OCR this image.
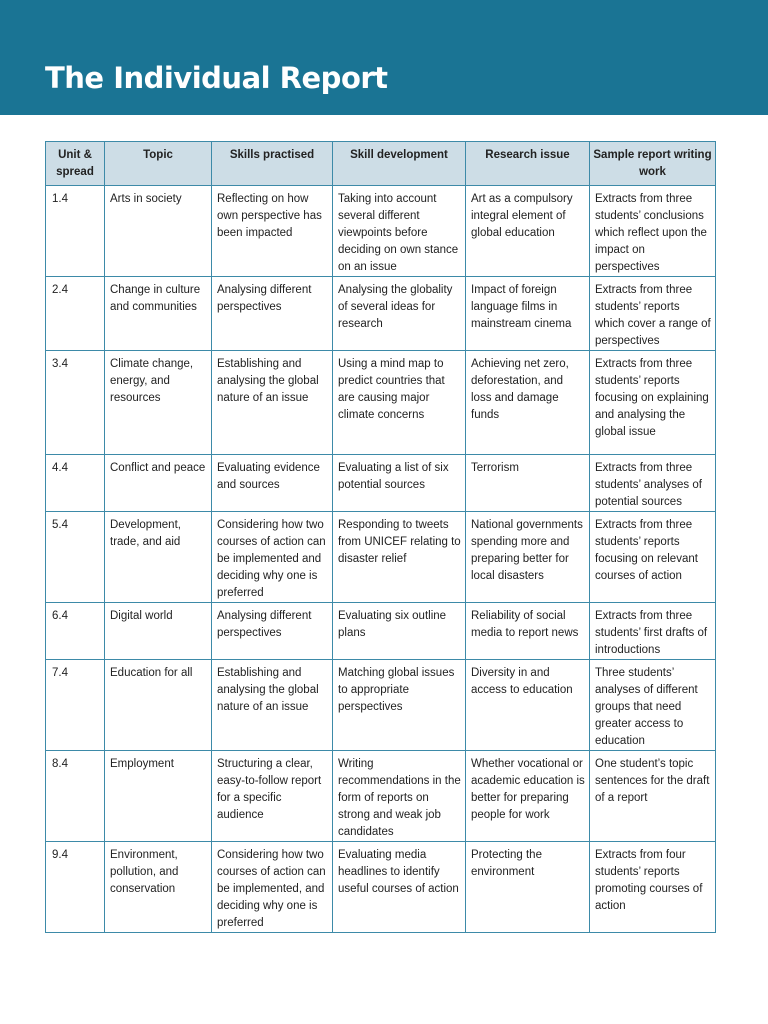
The Individual Report
Unit & spread	Topic	Skills practised	Skill development	Research issue	Sample report writing work
1.4	Arts in society	Reflecting on how own perspective has been impacted	Taking into account several different viewpoints before deciding on own stance on an issue	Art as a compulsory integral element of global education	Extracts from three students’ conclusions which reflect upon the impact on perspectives
2.4	Change in culture and communities	Analysing different perspectives	Analysing the globality of several ideas for research	Impact of foreign language films in mainstream cinema	Extracts from three students’ reports which cover a range of perspectives
3.4	Climate change, energy, and resources	Establishing and analysing the global nature of an issue	Using a mind map to predict countries that are causing major climate concerns	Achieving net zero, deforestation, and loss and damage funds	Extracts from three students’ reports focusing on explaining and analysing the global issue
4.4	Conflict and peace	Evaluating evidence and sources	Evaluating a list of six potential sources	Terrorism	Extracts from three students’ analyses of potential sources
5.4	Development, trade, and aid	Considering how two courses of action can be implemented and deciding why one is preferred	Responding to tweets from UNICEF relating to disaster relief	National governments spending more and preparing better for local disasters	Extracts from three students’ reports focusing on relevant courses of action
6.4	Digital world	Analysing different perspectives	Evaluating six outline plans	Reliability of social media to report news	Extracts from three students’ first drafts of introductions
7.4	Education for all	Establishing and analysing the global nature of an issue	Matching global issues to appropriate perspectives	Diversity in and access to education	Three students’ analyses of different groups that need greater access to education
8.4	Employment	Structuring a clear, easy-to-follow report for a specific audience	Writing recommendations in the form of reports on strong and weak job candidates	Whether vocational or academic education is better for preparing people for work	One student’s topic sentences for the draft of a report
9.4	Environment, pollution, and conservation	Considering how two courses of action can be implemented, and deciding why one is preferred	Evaluating media headlines to identify useful courses of action	Protecting the environment	Extracts from four students’ reports promoting courses of action
